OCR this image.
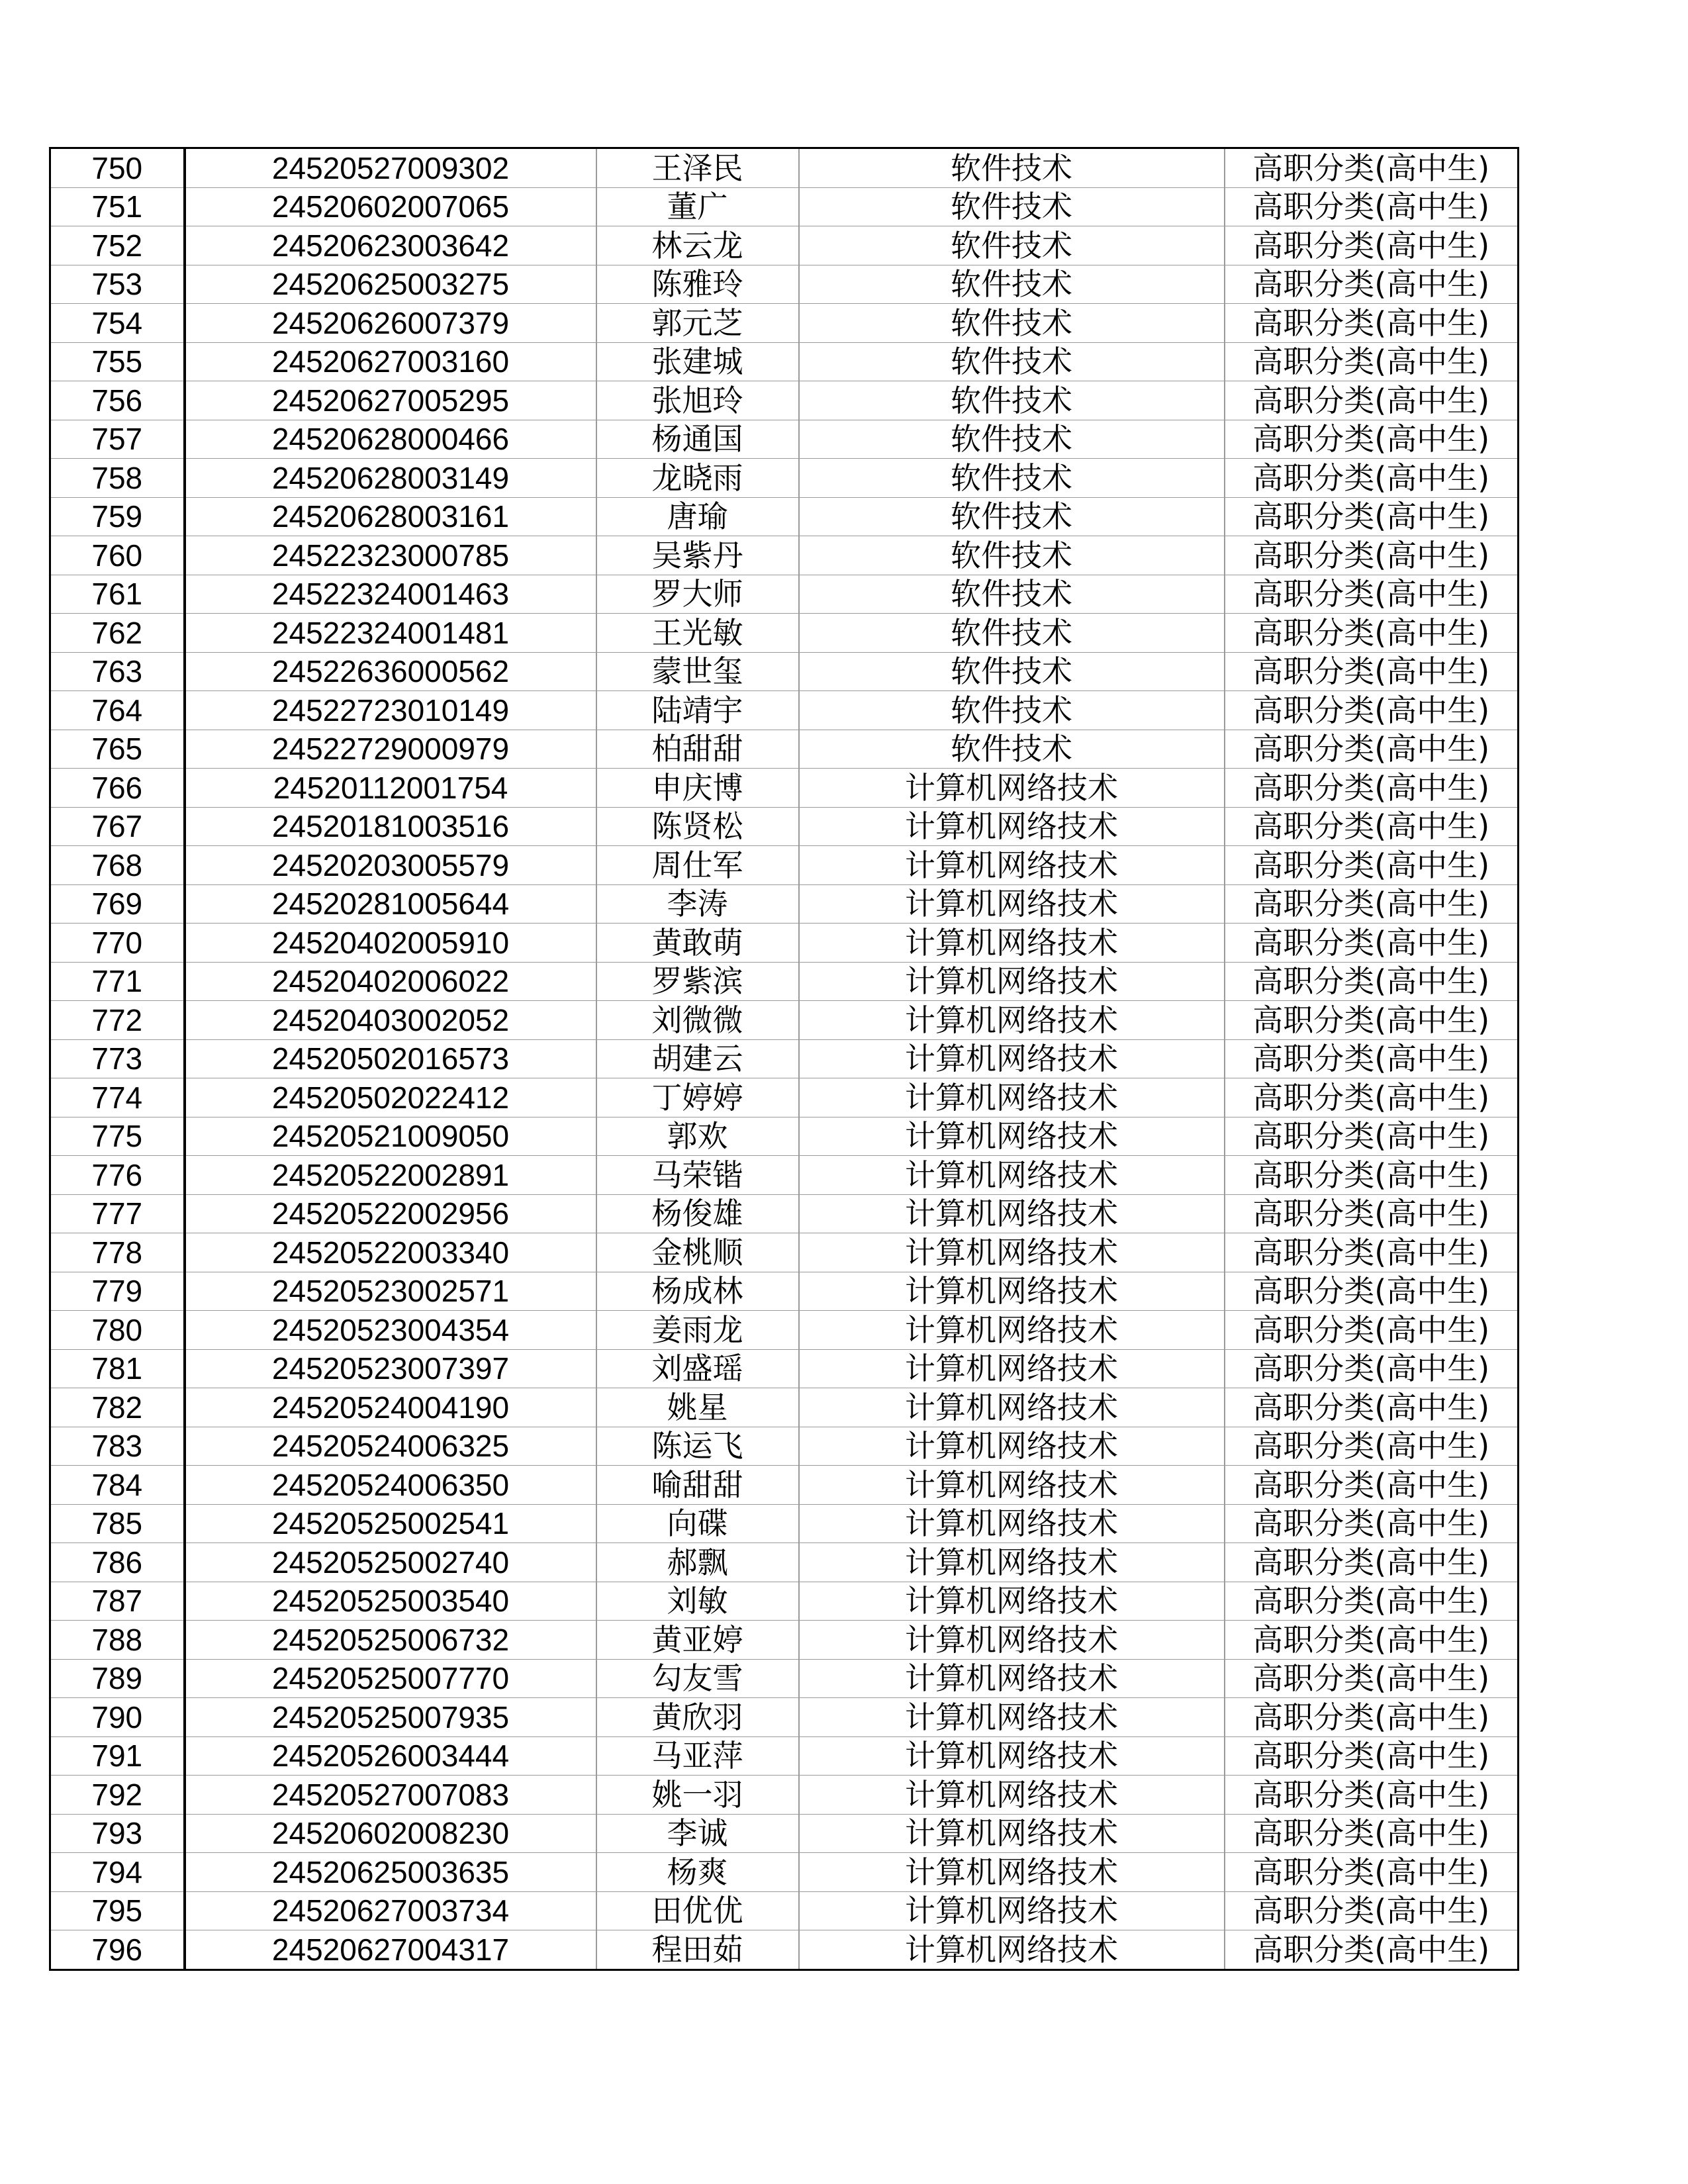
750	24520527009302	王泽民	软件技术	高职分类(高中生)
751	24520602007065	董广	软件技术	高职分类(高中生)
752	24520623003642	林云龙	软件技术	高职分类(高中生)
753	24520625003275	陈雅玲	软件技术	高职分类(高中生)
754	24520626007379	郭元芝	软件技术	高职分类(高中生)
755	24520627003160	张建城	软件技术	高职分类(高中生)
756	24520627005295	张旭玲	软件技术	高职分类(高中生)
757	24520628000466	杨通国	软件技术	高职分类(高中生)
758	24520628003149	龙晓雨	软件技术	高职分类(高中生)
759	24520628003161	唐瑜	软件技术	高职分类(高中生)
760	24522323000785	吴紫丹	软件技术	高职分类(高中生)
761	24522324001463	罗大师	软件技术	高职分类(高中生)
762	24522324001481	王光敏	软件技术	高职分类(高中生)
763	24522636000562	蒙世玺	软件技术	高职分类(高中生)
764	24522723010149	陆靖宇	软件技术	高职分类(高中生)
765	24522729000979	柏甜甜	软件技术	高职分类(高中生)
766	24520112001754	申庆博	计算机网络技术	高职分类(高中生)
767	24520181003516	陈贤松	计算机网络技术	高职分类(高中生)
768	24520203005579	周仕军	计算机网络技术	高职分类(高中生)
769	24520281005644	李涛	计算机网络技术	高职分类(高中生)
770	24520402005910	黄敢萌	计算机网络技术	高职分类(高中生)
771	24520402006022	罗紫滨	计算机网络技术	高职分类(高中生)
772	24520403002052	刘微微	计算机网络技术	高职分类(高中生)
773	24520502016573	胡建云	计算机网络技术	高职分类(高中生)
774	24520502022412	丁婷婷	计算机网络技术	高职分类(高中生)
775	24520521009050	郭欢	计算机网络技术	高职分类(高中生)
776	24520522002891	马荣锴	计算机网络技术	高职分类(高中生)
777	24520522002956	杨俊雄	计算机网络技术	高职分类(高中生)
778	24520522003340	金桃顺	计算机网络技术	高职分类(高中生)
779	24520523002571	杨成林	计算机网络技术	高职分类(高中生)
780	24520523004354	姜雨龙	计算机网络技术	高职分类(高中生)
781	24520523007397	刘盛瑶	计算机网络技术	高职分类(高中生)
782	24520524004190	姚星	计算机网络技术	高职分类(高中生)
783	24520524006325	陈运飞	计算机网络技术	高职分类(高中生)
784	24520524006350	喻甜甜	计算机网络技术	高职分类(高中生)
785	24520525002541	向碟	计算机网络技术	高职分类(高中生)
786	24520525002740	郝飘	计算机网络技术	高职分类(高中生)
787	24520525003540	刘敏	计算机网络技术	高职分类(高中生)
788	24520525006732	黄亚婷	计算机网络技术	高职分类(高中生)
789	24520525007770	勾友雪	计算机网络技术	高职分类(高中生)
790	24520525007935	黄欣羽	计算机网络技术	高职分类(高中生)
791	24520526003444	马亚萍	计算机网络技术	高职分类(高中生)
792	24520527007083	姚一羽	计算机网络技术	高职分类(高中生)
793	24520602008230	李诚	计算机网络技术	高职分类(高中生)
794	24520625003635	杨爽	计算机网络技术	高职分类(高中生)
795	24520627003734	田优优	计算机网络技术	高职分类(高中生)
796	24520627004317	程田茹	计算机网络技术	高职分类(高中生)
